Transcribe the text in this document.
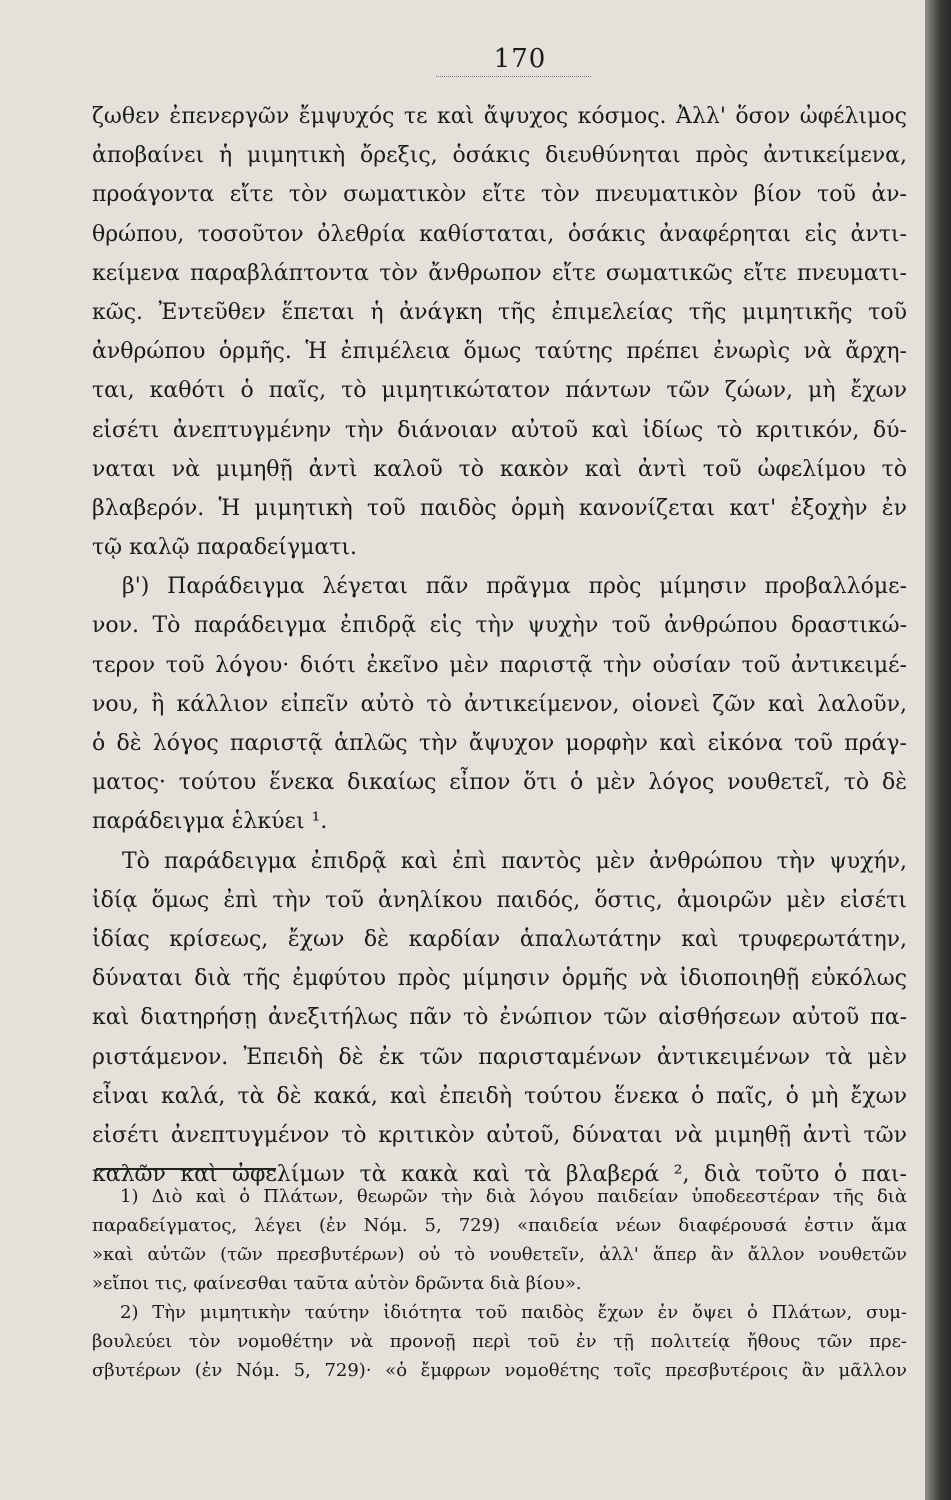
170
ζωθεν ἐπενεργῶν ἔμψυχός τε καὶ ἄψυχος κόσμος. Ἀλλ' ὅσον ὠφέλιμος
ἀποβαίνει ἡ μιμητικὴ ὄρεξις, ὁσάκις διευθύνηται πρὸς ἀντικείμενα,
προάγοντα εἴτε τὸν σωματικὸν εἴτε τὸν πνευματικὸν βίον τοῦ ἀν-
θρώπου, τοσοῦτον ὀλεθρία καθίσταται, ὁσάκις ἀναφέρηται εἰς ἀντι-
κείμενα παραβλάπτοντα τὸν ἄνθρωπον εἴτε σωματικῶς εἴτε πνευματι-
κῶς. Ἐντεῦθεν ἕπεται ἡ ἀνάγκη τῆς ἐπιμελείας τῆς μιμητικῆς τοῦ
ἀνθρώπου ὁρμῆς. Ἡ ἐπιμέλεια ὅμως ταύτης πρέπει ἐνωρὶς νὰ ἄρχη-
ται, καθότι ὁ παῖς, τὸ μιμητικώτατον πάντων τῶν ζώων, μὴ ἔχων
εἰσέτι ἀνεπτυγμένην τὴν διάνοιαν αὐτοῦ καὶ ἰδίως τὸ κριτικόν, δύ-
ναται νὰ μιμηθῇ ἀντὶ καλοῦ τὸ κακὸν καὶ ἀντὶ τοῦ ὠφελίμου τὸ
βλαβερόν. Ἡ μιμητικὴ τοῦ παιδὸς ὁρμὴ κανονίζεται κατ' ἐξοχὴν ἐν
τῷ καλῷ παραδείγματι.
β') Παράδειγμα λέγεται πᾶν πρᾶγμα πρὸς μίμησιν προβαλλόμε-
νον. Τὸ παράδειγμα ἐπιδρᾷ εἰς τὴν ψυχὴν τοῦ ἀνθρώπου δραστικώ-
τερον τοῦ λόγου· διότι ἐκεῖνο μὲν παριστᾷ τὴν οὐσίαν τοῦ ἀντικειμέ-
νου, ἢ κάλλιον εἰπεῖν αὐτὸ τὸ ἀντικείμενον, οἱονεὶ ζῶν καὶ λαλοῦν,
ὁ δὲ λόγος παριστᾷ ἁπλῶς τὴν ἄψυχον μορφὴν καὶ εἰκόνα τοῦ πράγ-
ματος· τούτου ἕνεκα δικαίως εἶπον ὅτι ὁ μὲν λόγος νουθετεῖ, τὸ δὲ
παράδειγμα ἑλκύει ¹.
Τὸ παράδειγμα ἐπιδρᾷ καὶ ἐπὶ παντὸς μὲν ἀνθρώπου τὴν ψυχήν,
ἰδίᾳ ὅμως ἐπὶ τὴν τοῦ ἀνηλίκου παιδός, ὅστις, ἀμοιρῶν μὲν εἰσέτι
ἰδίας κρίσεως, ἔχων δὲ καρδίαν ἁπαλωτάτην καὶ τρυφερωτάτην,
δύναται διὰ τῆς ἐμφύτου πρὸς μίμησιν ὁρμῆς νὰ ἰδιοποιηθῇ εὐκόλως
καὶ διατηρήσῃ ἀνεξιτήλως πᾶν τὸ ἐνώπιον τῶν αἰσθήσεων αὐτοῦ πα-
ριστάμενον. Ἐπειδὴ δὲ ἐκ τῶν παρισταμένων ἀντικειμένων τὰ μὲν
εἶναι καλά, τὰ δὲ κακά, καὶ ἐπειδὴ τούτου ἕνεκα ὁ παῖς, ὁ μὴ ἔχων
εἰσέτι ἀνεπτυγμένον τὸ κριτικὸν αὐτοῦ, δύναται νὰ μιμηθῇ ἀντὶ τῶν
καλῶν καὶ ὠφελίμων τὰ κακὰ καὶ τὰ βλαβερά ², διὰ τοῦτο ὁ παι-
1) Διὸ καὶ ὁ Πλάτων, θεωρῶν τὴν διὰ λόγου παιδείαν ὑποδεεστέραν τῆς διὰ
παραδείγματος, λέγει (ἐν Νόμ. 5, 729) «παιδεία νέων διαφέρουσά ἐστιν ἅμα
»καὶ αὐτῶν (τῶν πρεσβυτέρων) οὐ τὸ νουθετεῖν, ἀλλ' ἅπερ ἂν ἄλλον νουθετῶν
»εἴποι τις, φαίνεσθαι ταῦτα αὐτὸν δρῶντα διὰ βίου».
2) Τὴν μιμητικὴν ταύτην ἰδιότητα τοῦ παιδὸς ἔχων ἐν ὄψει ὁ Πλάτων, συμ-
βουλεύει τὸν νομοθέτην νὰ προνοῇ περὶ τοῦ ἐν τῇ πολιτείᾳ ἤθους τῶν πρε-
σβυτέρων (ἐν Νόμ. 5, 729)· «ὁ ἔμφρων νομοθέτης τοῖς πρεσβυτέροις ἂν μᾶλλον
